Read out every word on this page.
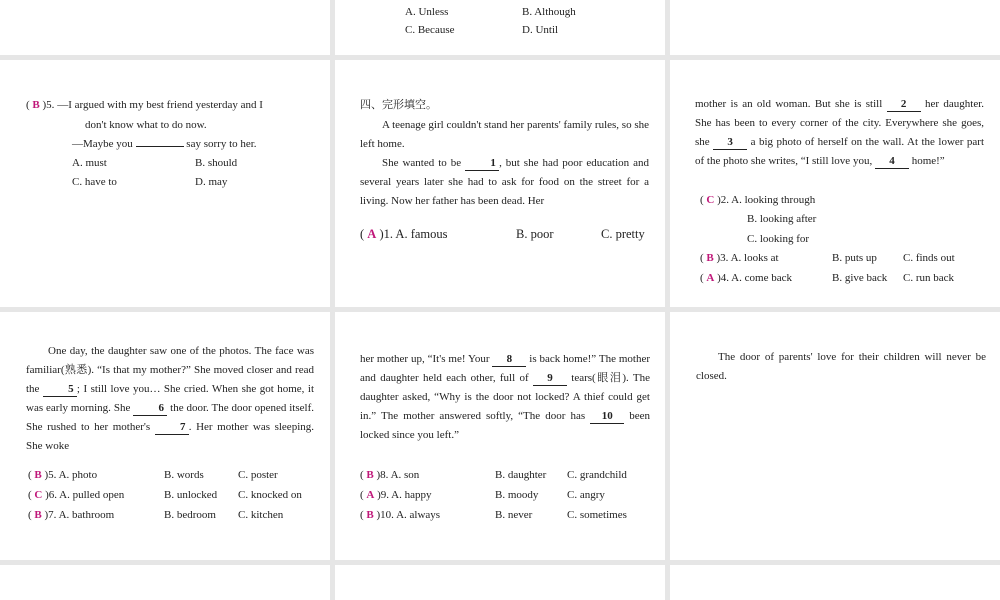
A. Unless	B. Although
C. Because	D. Until
( B )5. —I argued with my best friend yesterday and I
don't know what to do now.
—Maybe you	say sorry to her.
A. must	B. should
C. have to	D. may
四、完形填空。
A teenage girl couldn't stand her parents' family rules, so she left home.
She wanted to be	1 , but she had poor education and several years later she had to ask for food on the street for a living. Now her father has been dead. Her
( A )1. A. famous	B. poor	C. pretty
mother is an old woman. But she is still 2 her daughter. She has been to every corner of the city. Everywhere she goes, she 3 a big photo of herself on the wall. At the lower part of the photo she writes, “I still love you, 4 home!”
( C )2. A. looking through
B. looking after
C. looking for
( B )3. A. looks at	B. puts up C. finds out
( A )4. A. come back	B. give back C. run back
One day, the daughter saw one of the photos. The face was familiar(熟悉). “Is that my mother?” She moved closer and read the	5 ; I still love you… She cried. When she got home, it was early morning. She	6 the door. The door opened itself. She rushed to her mother's	7 . Her mother was sleeping. She woke
( B )5. A. photo	B. words	C. poster
( C )6. A. pulled open	B. unlocked C. knocked on
( B )7. A. bathroom	B. bedroom C. kitchen
her mother up, “It's me! Your 8 is back home!” The mother and daughter held each other, full of 9 tears(眼泪). The daughter asked, “Why is the door not locked? A thief could get in.” The mother answered softly, “The door has 10 been locked since you left.”
( B )8. A. son	B. daughter C. grandchild
( A )9. A. happy	B. moody	C. angry
( B )10. A. always	B. never	C. sometimes
The door of parents' love for their children will never be closed.
